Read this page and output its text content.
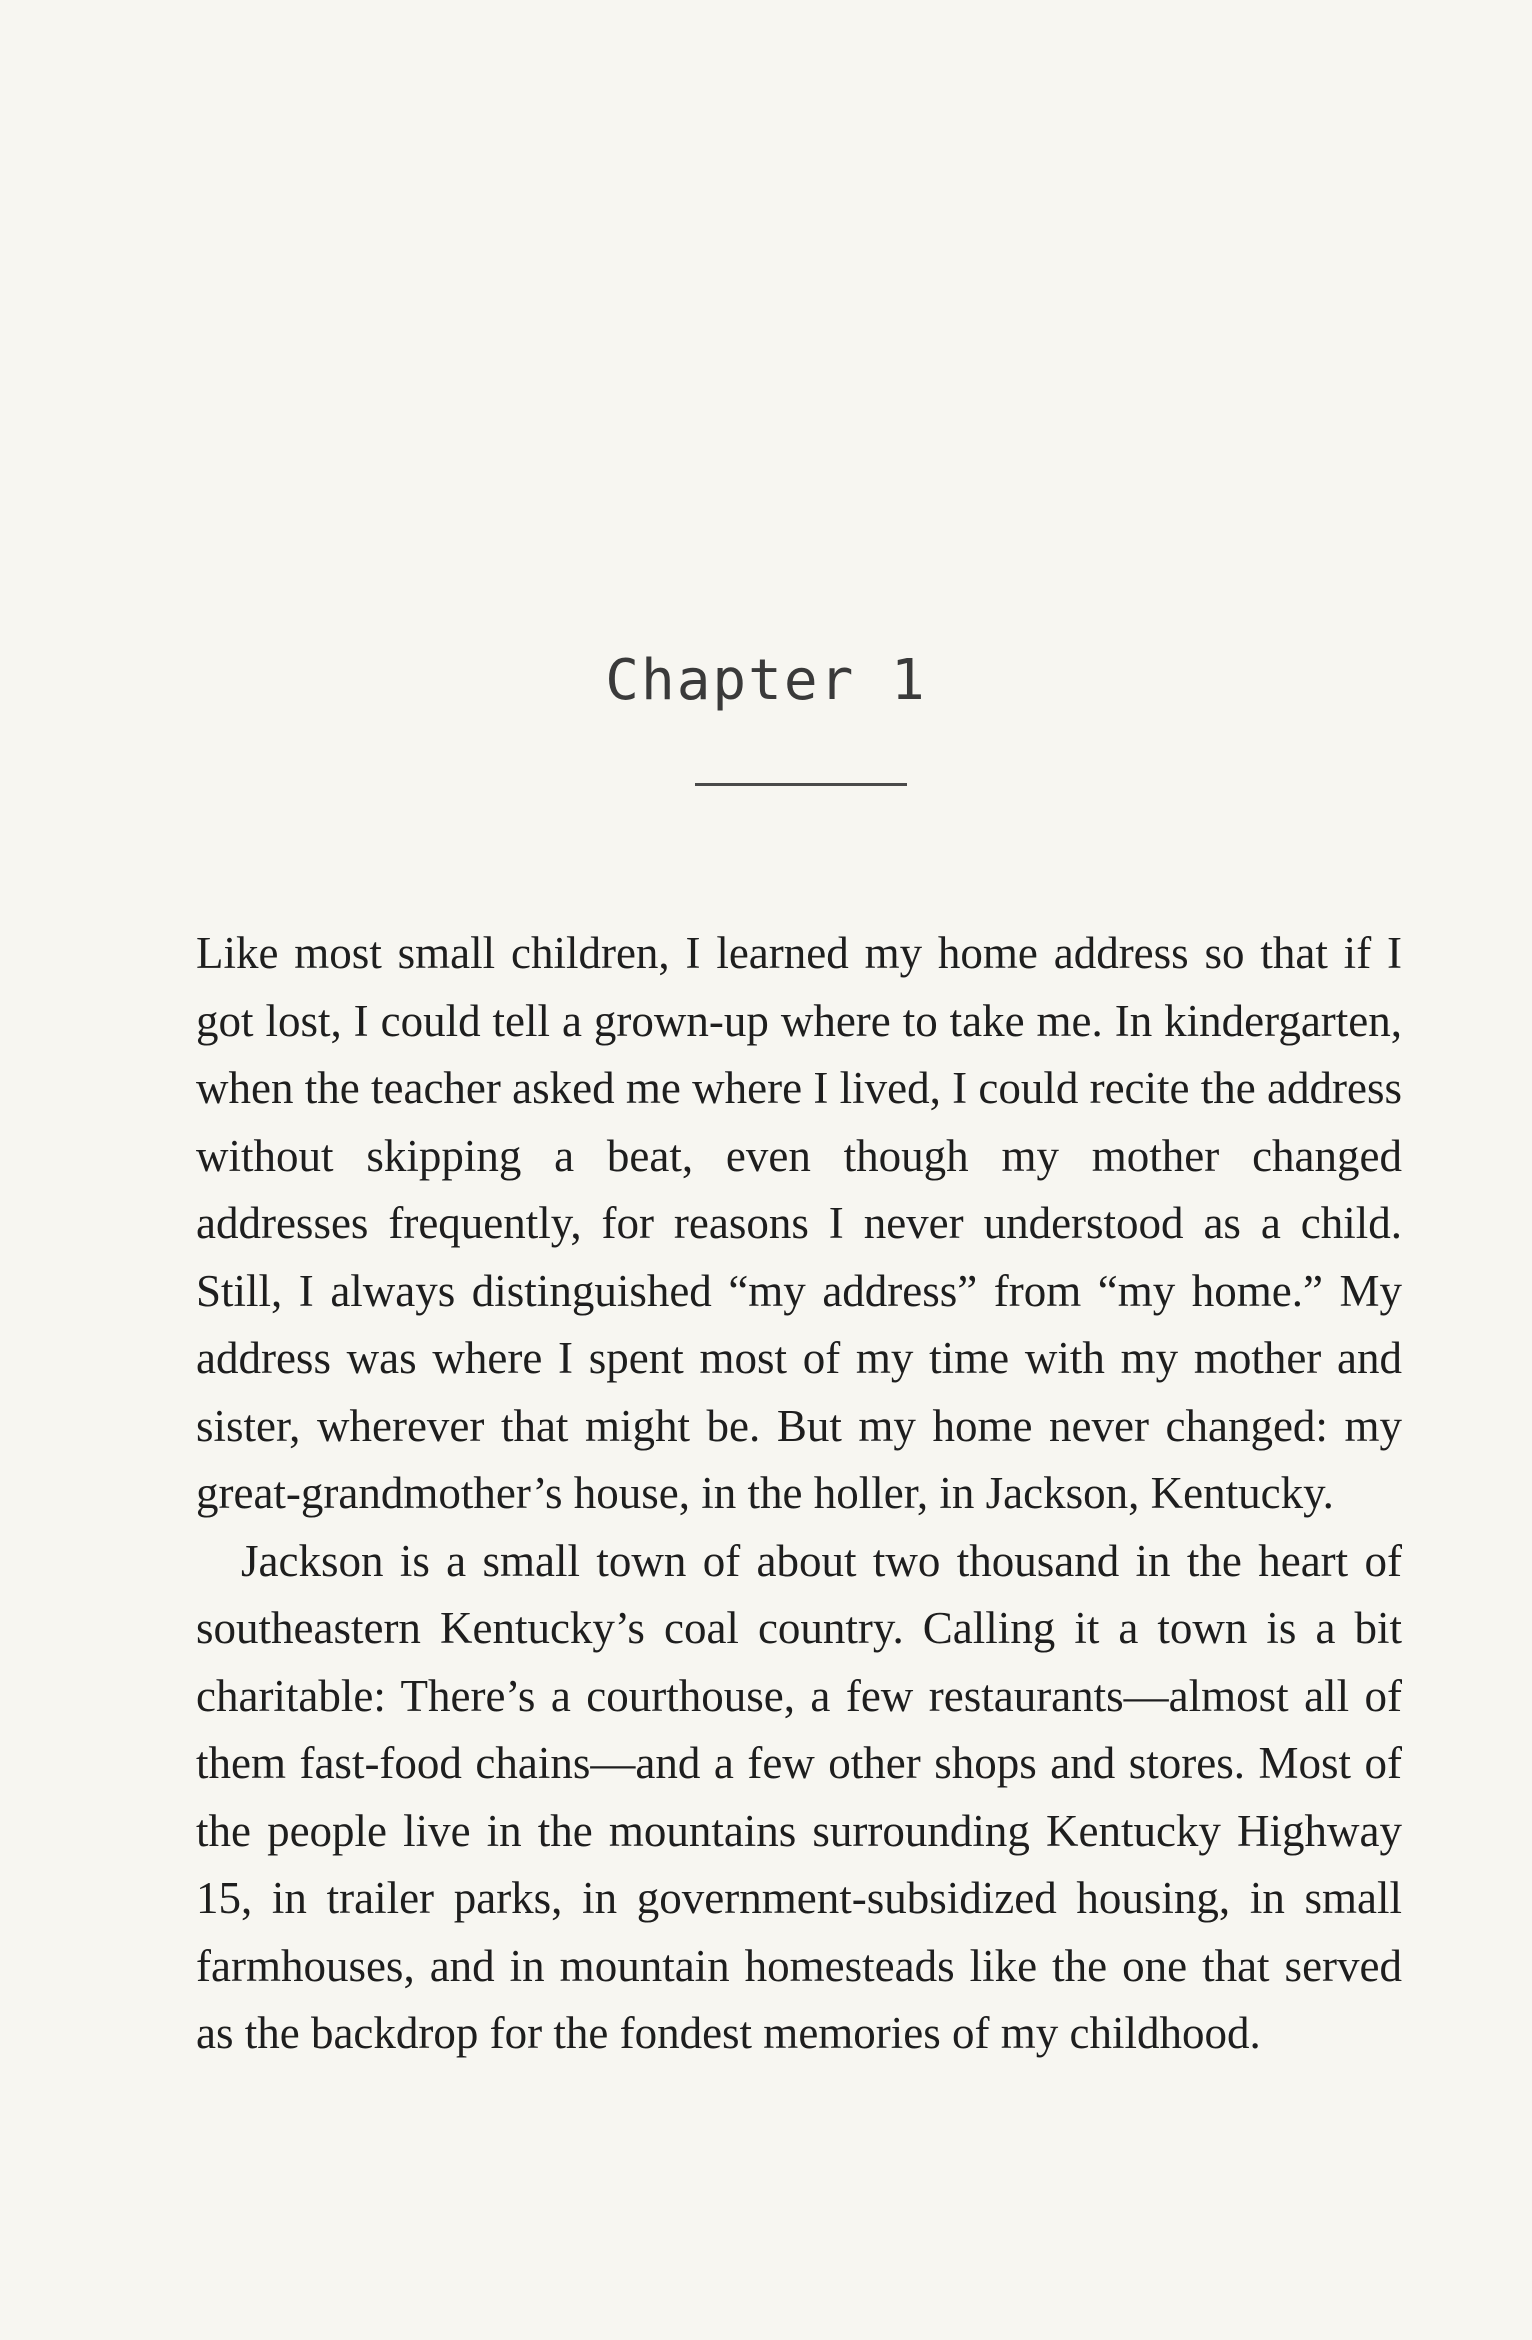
Chapter 1

Like most small children, I learned my home address so that if I got lost, I could tell a grown-up where to take me. In kindergarten, when the teacher asked me where I lived, I could recite the address without skipping a beat, even though my mother changed addresses frequently, for reasons I never understood as a child. Still, I always distinguished “my address” from “my home.” My address was where I spent most of my time with my mother and sister, wherever that might be. But my home never changed: my great-grandmother’s house, in the holler, in Jackson, Kentucky.

Jackson is a small town of about two thousand in the heart of southeastern Kentucky’s coal country. Calling it a town is a bit charitable: There’s a courthouse, a few restaurants—almost all of them fast-food chains—and a few other shops and stores. Most of the people live in the mountains surrounding Kentucky Highway 15, in trailer parks, in government-subsidized housing, in small farmhouses, and in mountain homesteads like the one that served as the backdrop for the fondest memories of my childhood.
